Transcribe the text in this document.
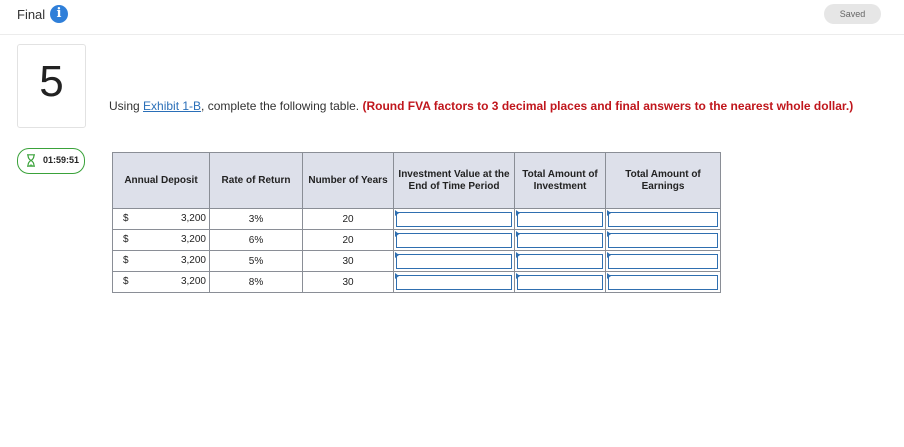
Final i	Saved
5
01:59:51
Using Exhibit 1-B, complete the following table. (Round FVA factors to 3 decimal places and final answers to the nearest whole dollar.)
Annual Deposit	Rate of Return	Number of Years	Investment Value at the End of Time Period	Total Amount of Investment	Total Amount of Earnings

$ 3,200	3%	20	

$ 3,200	6%	20	

$ 3,200	5%	30	

$ 3,200	8%	30	
